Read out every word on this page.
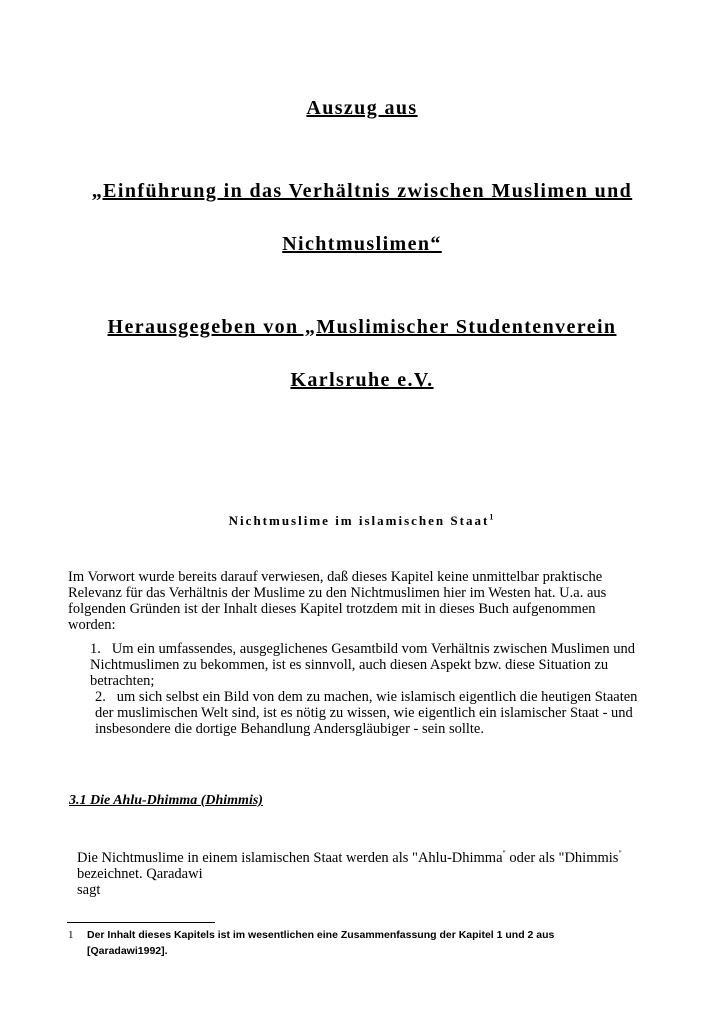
Auszug aus
„Einführung in das Verhältnis zwischen Muslimen und
Nichtmuslimen“
Herausgegeben von „Muslimischer Studentenverein
Karlsruhe e.V.
Nichtmuslime im islamischen Staat$^1$
Im Vorwort wurde bereits darauf verwiesen, daß dieses Kapitel keine unmittelbar praktische
Relevanz für das Verhältnis der Muslime zu den Nichtmuslimen hier im Westen hat. U.a. aus
folgenden Gründen ist der Inhalt dieses Kapitel trotzdem mit in dieses Buch aufgenommen
worden:
1. Um ein umfassendes, ausgeglichenes Gesamtbild vom Verhältnis zwischen Muslimen und
Nichtmuslimen zu bekommen, ist es sinnvoll, auch diesen Aspekt bzw. diese Situation zu
betrachten;
2. um sich selbst ein Bild von dem zu machen, wie islamisch eigentlich die heutigen Staaten
der muslimischen Welt sind, ist es nötig zu wissen, wie eigentlich ein islamischer Staat - und
insbesondere die dortige Behandlung Andersgläubiger - sein sollte.
3.1 Die Ahlu-Dhimma (Dhimmis)
Die Nichtmuslime in einem islamischen Staat werden als "Ahlu-Dhimma" oder als "Dhimmis"
bezeichnet. Qaradawi
sagt
1 Der Inhalt dieses Kapitels ist im wesentlichen eine Zusammenfassung der Kapitel 1 und 2 aus
[Qaradawi1992].
